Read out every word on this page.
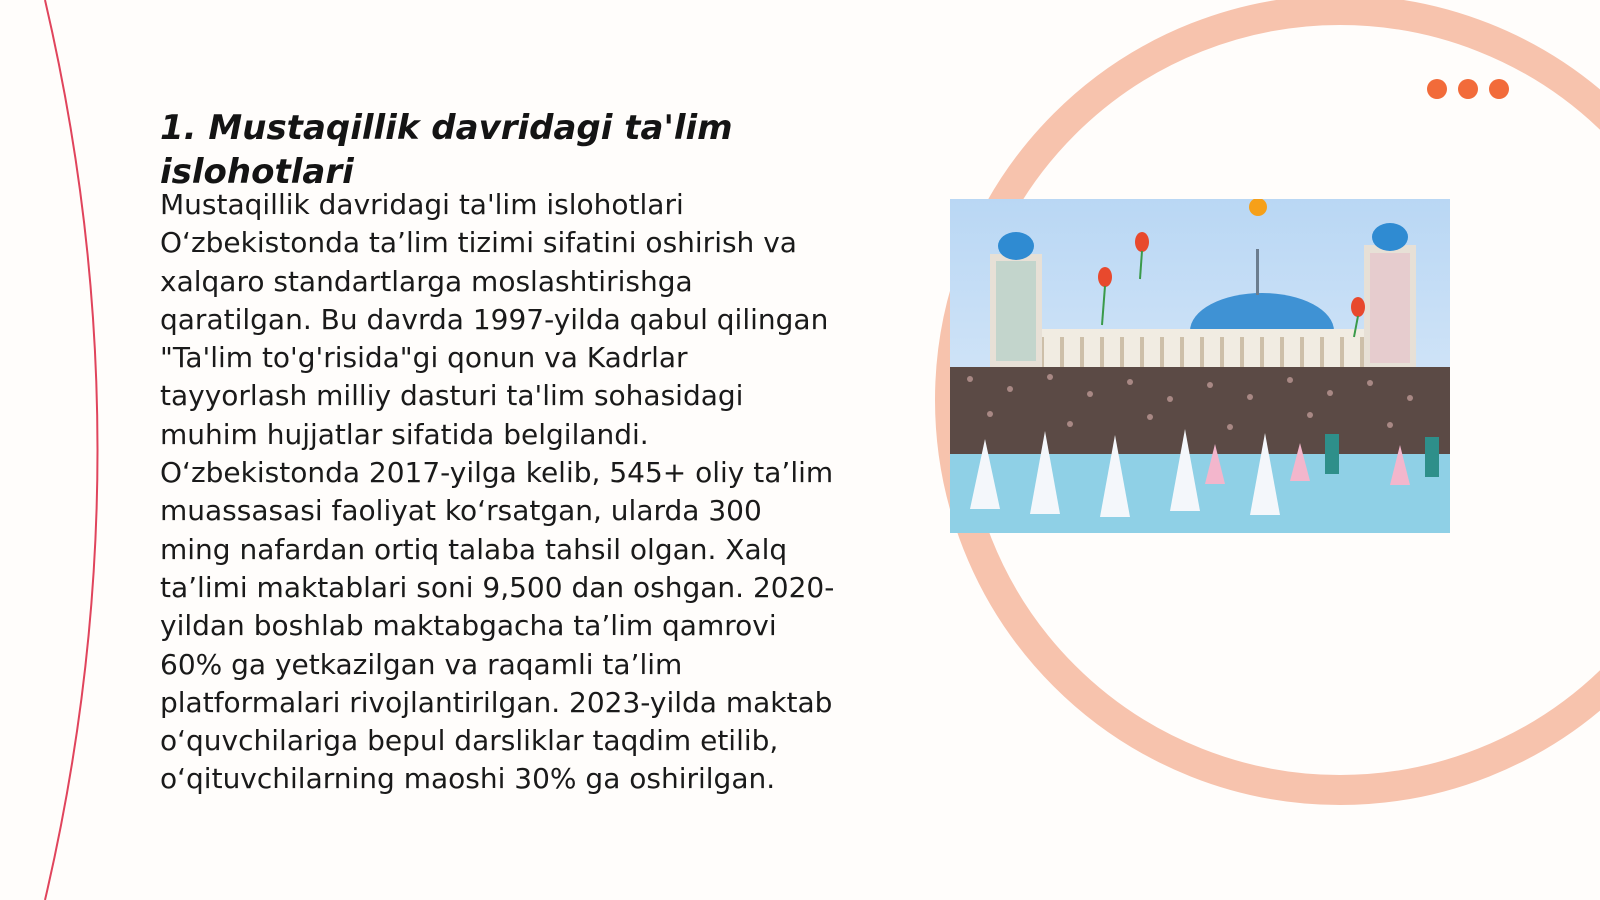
1. Mustaqillik davridagi ta'lim islohotlari

Mustaqillik davridagi ta'lim islohotlari O‘zbekistonda ta’lim tizimi sifatini oshirish va xalqaro standartlarga moslashtirishga qaratilgan. Bu davrda 1997-yilda qabul qilingan "Ta'lim to'g'risida"gi qonun va Kadrlar tayyorlash milliy dasturi ta'lim sohasidagi muhim hujjatlar sifatida belgilandi. O‘zbekistonda 2017-yilga kelib, 545+ oliy ta’lim muassasasi faoliyat ko‘rsatgan, ularda 300 ming nafardan ortiq talaba tahsil olgan. Xalq ta’limi maktablari soni 9,500 dan oshgan. 2020-yildan boshlab maktabgacha ta’lim qamrovi 60% ga yetkazilgan va raqamli ta’lim platformalari rivojlantirilgan. 2023-yilda maktab o‘quvchilariga bepul darsliklar taqdim etilib, o‘qituvchilarning maoshi 30% ga oshirilgan.
